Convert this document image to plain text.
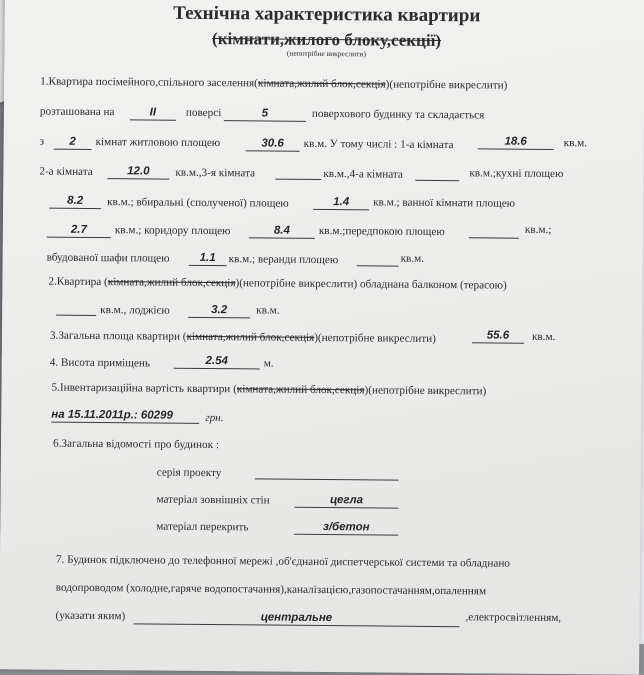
Технічна характеристика квартири
(кімнати,жилого блоку,секції)
(непотрібне викреслити)
1.Квартира посімейного,спільного заселення(кімната,жилий блок,секція)(непотрібне викреслити)
розташована на	II	поверсі	5	поверхового будинку та складається
з	2	кімнат житловою площею	30.6	кв.м. У тому числі : 1-а кімната	18.6	кв.м.
2-а кімната	12.0	кв.м.,3-я кімната	кв.м.,4-а кімната	кв.м.;кухні площею
8.2	кв.м.; вбиральні (сполученої) площею	1.4	кв.м.; ванної кімнати площею
2.7	кв.м.; коридору площею	8.4	кв.м.;передпокою площею	кв.м.;
вбудованої шафи площею	1.1	кв.м.; веранди площею	кв.м.
2.Квартира (кімната,жилий блок,секція)(непотрібне викреслити) обладнана балконом (терасою)
кв.м., лоджією	3.2	кв.м.
3.Загальна площа квартири (кімната,жилий блок,секція)(непотрібне викреслити)	55.6	кв.м.
4. Висота приміщень	2.54	м.
5.Інвентаризаційна вартість квартири (кімната,жилий блок,секція)(непотрібне викреслити)
на 15.11.2011р.: 60299	грн.
6.Загальна відомості про будинок :
серія проекту
матеріал зовнішніх стін	цегла
матеріал перекрить	з/бетон
7. Будинок підключено до телефонної мережі ,об'єднаної диспетчерської системи та обладнано
водопроводом (холодне,гаряче водопостачання),каналізацією,газопостачанням,опаленням
(указати яким)	центральне	,електросвітленням,
